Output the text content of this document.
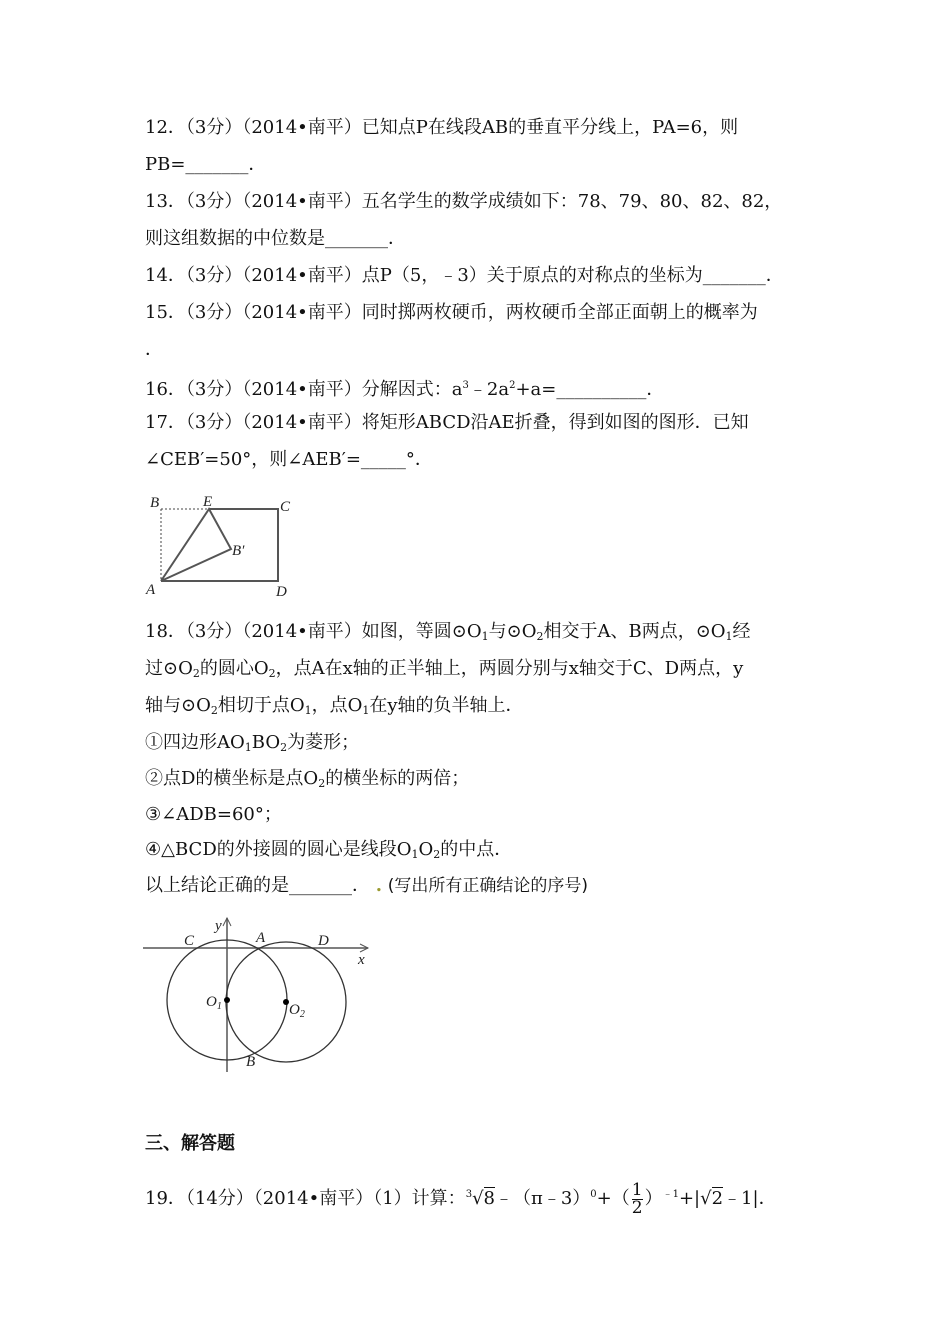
12．（3分）（2014•南平）已知点P在线段AB的垂直平分线上，PA=6，则
PB=_______．
13．（3分）（2014•南平）五名学生的数学成绩如下：78、79、80、82、82，
则这组数据的中位数是_______．
14．（3分）（2014•南平）点P（5，﹣3）关于原点的对称点的坐标为_______．
15．（3分）（2014•南平）同时掷两枚硬币，两枚硬币全部正面朝上的概率为
．
16．（3分）（2014•南平）分解因式：$a^3﹣2a^2+a=\_\_\_\_\_\_\_\_\_\_$．
17．（3分）（2014•南平）将矩形ABCD沿AE折叠，得到如图的图形．已知
∠CEB′=50°，则∠AEB′=_____°．
B	E	C
B′
A	D
18．（3分）（2014•南平）如图，等圆$⊙O_1$与$⊙O_2$相交于A、B两点，$⊙O_1$经
过$⊙O_2$的圆心$O_2$，点A在x轴的正半轴上，两圆分别与x轴交于C、D两点，y
轴与$⊙O_2$相切于点$O_1$，点$O_1$在y轴的负半轴上．
①四边形$AO_1BO_2$为菱形；
②点D的横坐标是点$O_2$的横坐标的两倍；
③∠ADB=60°；
④△BCD的外接圆的圆心是线段$O_1O_2$的中点．
以上结论正确的是_______． . (写出所有正确结论的序号)
y
C	A	D
x
$O_1$	$O_2$
B
三、解答题
19．（14分）（2014•南平）（1）计算：$^3$√8﹣（π﹣3）$^0$+（ $\frac{1}{2}$ ）$^{﹣1}$+|√2﹣1|．
